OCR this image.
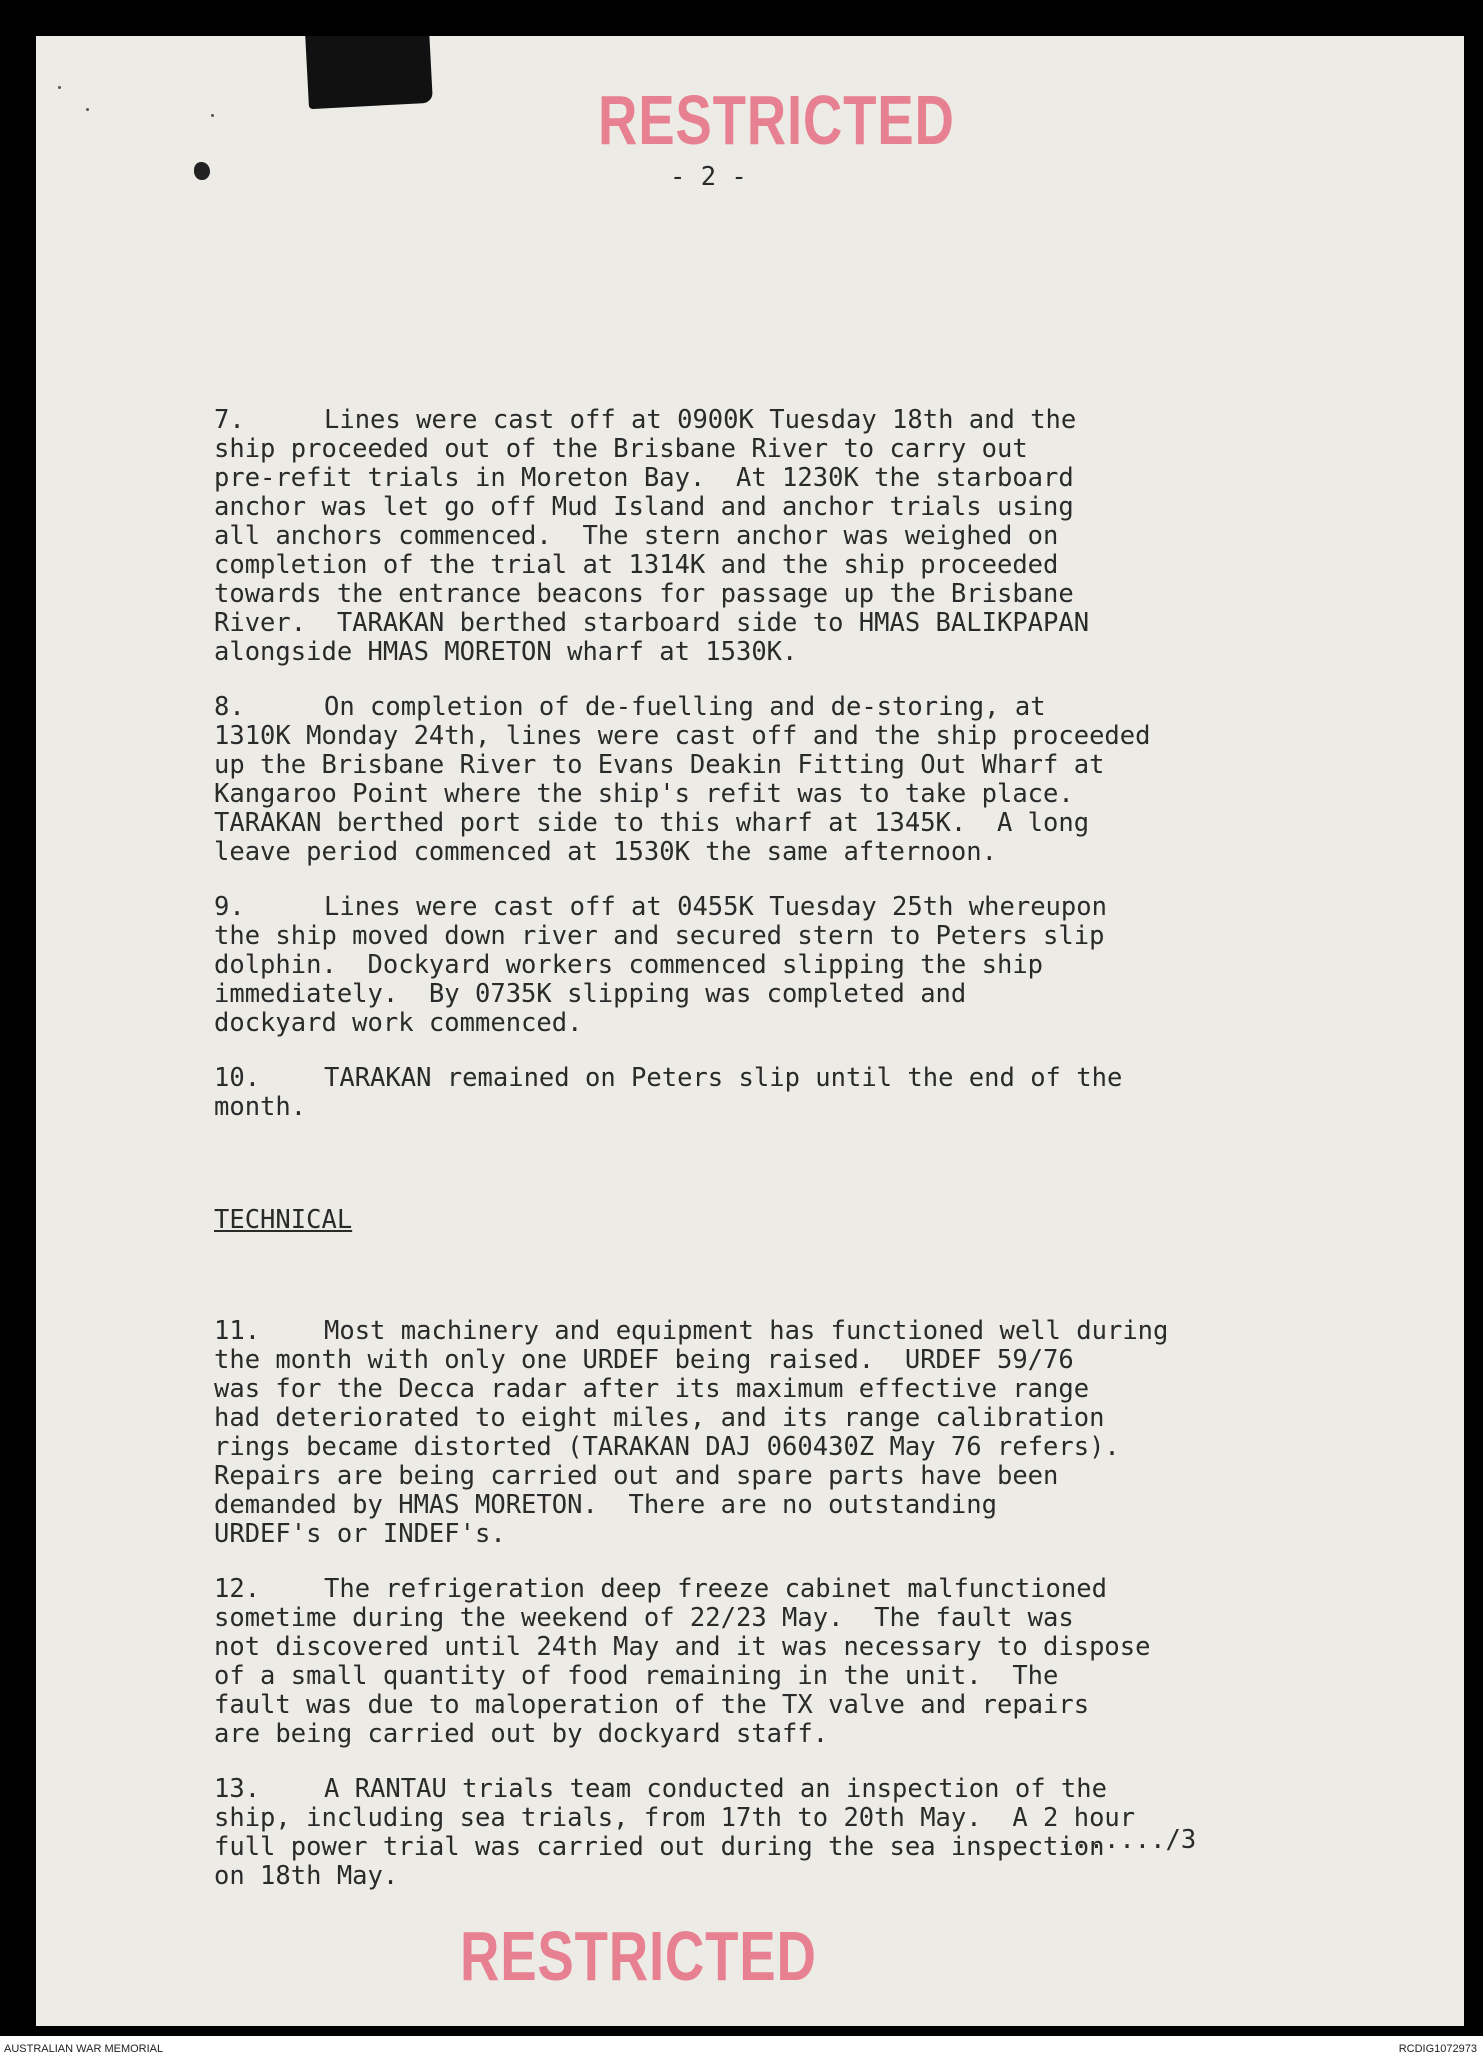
RESTRICTED
- 2 -

7.	Lines were cast off at 0900K Tuesday 18th and the
ship proceeded out of the Brisbane River to carry out
pre-refit trials in Moreton Bay.  At 1230K the starboard
anchor was let go off Mud Island and anchor trials using
all anchors commenced.  The stern anchor was weighed on
completion of the trial at 1314K and the ship proceeded
towards the entrance beacons for passage up the Brisbane
River.  TARAKAN berthed starboard side to HMAS BALIKPAPAN
alongside HMAS MORETON wharf at 1530K.
8.	On completion of de-fuelling and de-storing, at
1310K Monday 24th, lines were cast off and the ship proceeded
up the Brisbane River to Evans Deakin Fitting Out Wharf at
Kangaroo Point where the ship's refit was to take place.
TARAKAN berthed port side to this wharf at 1345K.  A long
leave period commenced at 1530K the same afternoon.
9.	Lines were cast off at 0455K Tuesday 25th whereupon
the ship moved down river and secured stern to Peters slip
dolphin.  Dockyard workers commenced slipping the ship
immediately.  By 0735K slipping was completed and
dockyard work commenced.
10.	TARAKAN remained on Peters slip until the end of the
month.

TECHNICAL

11.	Most machinery and equipment has functioned well during
the month with only one URDEF being raised.  URDEF 59/76
was for the Decca radar after its maximum effective range
had deteriorated to eight miles, and its range calibration
rings became distorted (TARAKAN DAJ 060430Z May 76 refers).
Repairs are being carried out and spare parts have been
demanded by HMAS MORETON.  There are no outstanding
URDEF's or INDEF's.
12.	The refrigeration deep freeze cabinet malfunctioned
sometime during the weekend of 22/23 May.  The fault was
not discovered until 24th May and it was necessary to dispose
of a small quantity of food remaining in the unit.  The
fault was due to maloperation of the TX valve and repairs
are being carried out by dockyard staff.
13.	A RANTAU trials team conducted an inspection of the
ship, including sea trials, from 17th to 20th May.  A 2 hour
full power trial was carried out during the sea inspection
on 18th May.

......./3
RESTRICTED
AUSTRALIAN WAR MEMORIAL	RCDIG1072973
